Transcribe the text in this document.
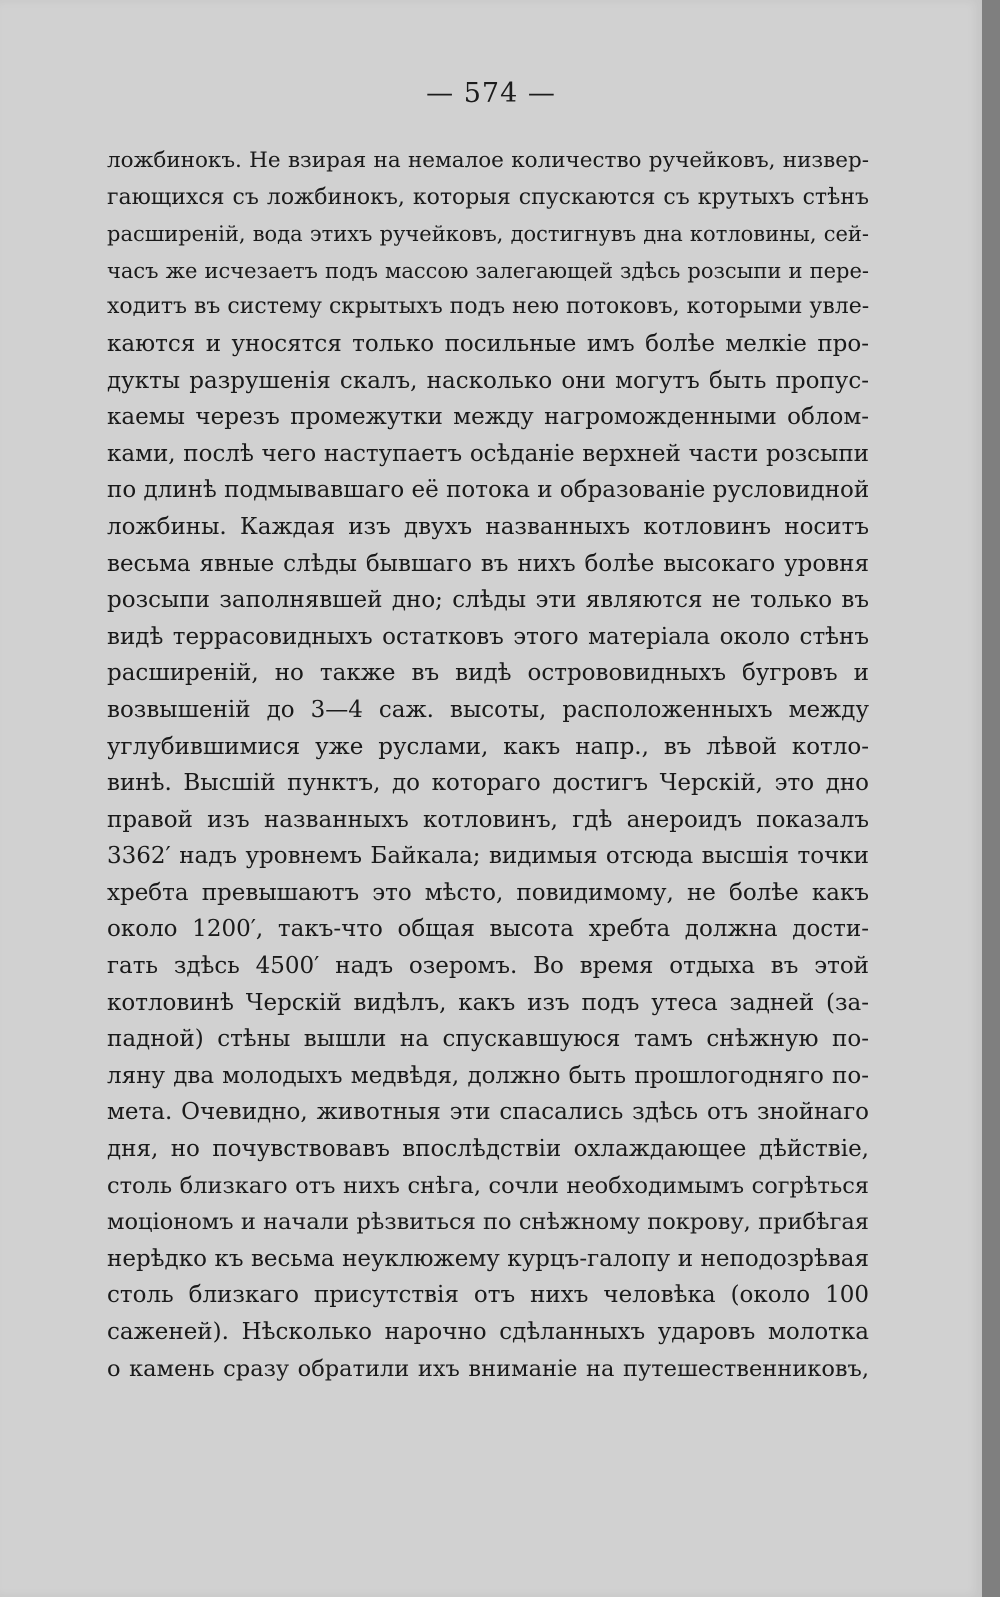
— 574 —
ложбинокъ. Не взирая на немалое количество ручейковъ, низвер-
гающихся съ ложбинокъ, которыя спускаются съ крутыхъ стѣнъ
расширеній, вода этихъ ручейковъ, достигнувъ дна котловины, сей-
часъ же исчезаетъ подъ массою залегающей здѣсь розсыпи и пере-
ходитъ въ систему скрытыхъ подъ нею потоковъ, которыми увле-
каются и уносятся только посильные имъ болѣе мелкіе про-
дукты разрушенія скалъ, насколько они могутъ быть пропус-
каемы черезъ промежутки между нагроможденными облом-
ками, послѣ чего наступаетъ осѣданіе верхней части розсыпи
по длинѣ подмывавшаго её потока и образованіе русловидной
ложбины. Каждая изъ двухъ названныхъ котловинъ носитъ
весьма явные слѣды бывшаго въ нихъ болѣе высокаго уровня
розсыпи заполнявшей дно; слѣды эти являются не только въ
видѣ террасовидныхъ остатковъ этого матеріала около стѣнъ
расширеній, но также въ видѣ острововидныхъ бугровъ и
возвышеній до 3—4 саж. высоты, расположенныхъ между
углубившимися уже руслами, какъ напр., въ лѣвой котло-
винѣ. Высшій пунктъ, до котораго достигъ Черскій, это дно
правой изъ названныхъ котловинъ, гдѣ анероидъ показалъ
3362′ надъ уровнемъ Байкала; видимыя отсюда высшія точки
хребта превышаютъ это мѣсто, повидимому, не болѣе какъ
около 1200′, такъ-что общая высота хребта должна дости-
гать здѣсь 4500′ надъ озеромъ. Во время отдыха въ этой
котловинѣ Черскій видѣлъ, какъ изъ подъ утеса задней (за-
падной) стѣны вышли на спускавшуюся тамъ снѣжную по-
ляну два молодыхъ медвѣдя, должно быть прошлогодняго по-
мета. Очевидно, животныя эти спасались здѣсь отъ знойнаго
дня, но почувствовавъ впослѣдствіи охлаждающее дѣйствіе,
столь близкаго отъ нихъ снѣга, сочли необходимымъ согрѣться
моціономъ и начали рѣзвиться по снѣжному покрову, прибѣгая
нерѣдко къ весьма неуклюжему курцъ-галопу и неподозрѣвая
столь близкаго присутствія отъ нихъ человѣка (около 100
саженей). Нѣсколько нарочно сдѣланныхъ ударовъ молотка
о камень сразу обратили ихъ вниманіе на путешественниковъ,
